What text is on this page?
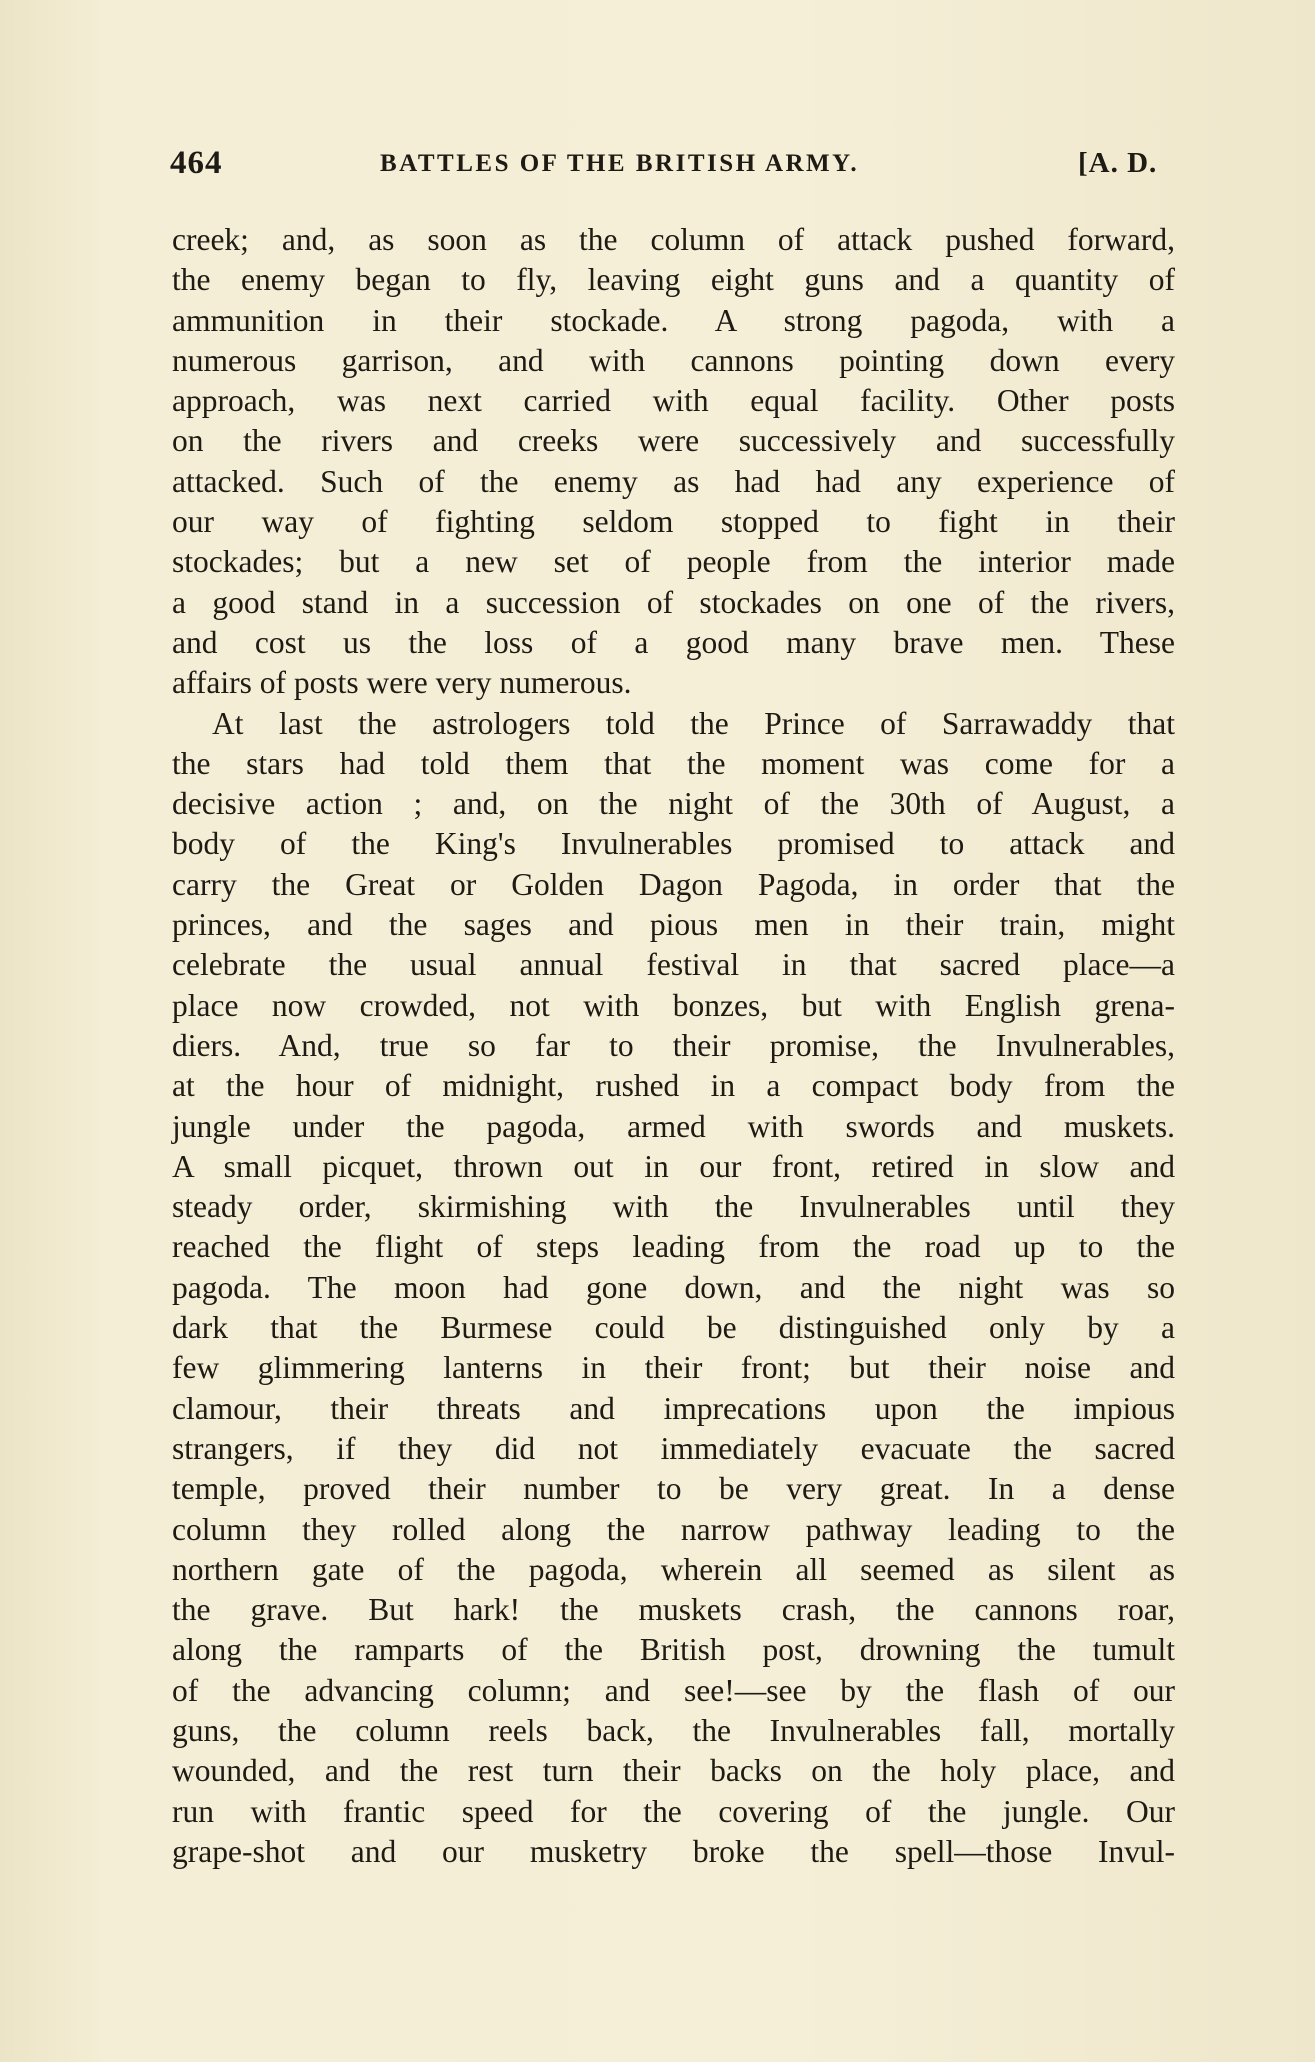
464	BATTLES OF THE BRITISH ARMY.	[A. D.
creek; and, as soon as the column of attack pushed forward,
the enemy began to fly, leaving eight guns and a quantity of
ammunition in their stockade. A strong pagoda, with a
numerous garrison, and with cannons pointing down every
approach, was next carried with equal facility. Other posts
on the rivers and creeks were successively and successfully
attacked. Such of the enemy as had had any experience of
our way of fighting seldom stopped to fight in their
stockades; but a new set of people from the interior made
a good stand in a succession of stockades on one of the rivers,
and cost us the loss of a good many brave men. These
affairs of posts were very numerous.
At last the astrologers told the Prince of Sarrawaddy that
the stars had told them that the moment was come for a
decisive action ; and, on the night of the 30th of August, a
body of the King's Invulnerables promised to attack and
carry the Great or Golden Dagon Pagoda, in order that the
princes, and the sages and pious men in their train, might
celebrate the usual annual festival in that sacred place—a
place now crowded, not with bonzes, but with English grena-
diers. And, true so far to their promise, the Invulnerables,
at the hour of midnight, rushed in a compact body from the
jungle under the pagoda, armed with swords and muskets.
A small picquet, thrown out in our front, retired in slow and
steady order, skirmishing with the Invulnerables until they
reached the flight of steps leading from the road up to the
pagoda. The moon had gone down, and the night was so
dark that the Burmese could be distinguished only by a
few glimmering lanterns in their front; but their noise and
clamour, their threats and imprecations upon the impious
strangers, if they did not immediately evacuate the sacred
temple, proved their number to be very great. In a dense
column they rolled along the narrow pathway leading to the
northern gate of the pagoda, wherein all seemed as silent as
the grave. But hark! the muskets crash, the cannons roar,
along the ramparts of the British post, drowning the tumult
of the advancing column; and see!—see by the flash of our
guns, the column reels back, the Invulnerables fall, mortally
wounded, and the rest turn their backs on the holy place, and
run with frantic speed for the covering of the jungle. Our
grape-shot and our musketry broke the spell—those Invul-
